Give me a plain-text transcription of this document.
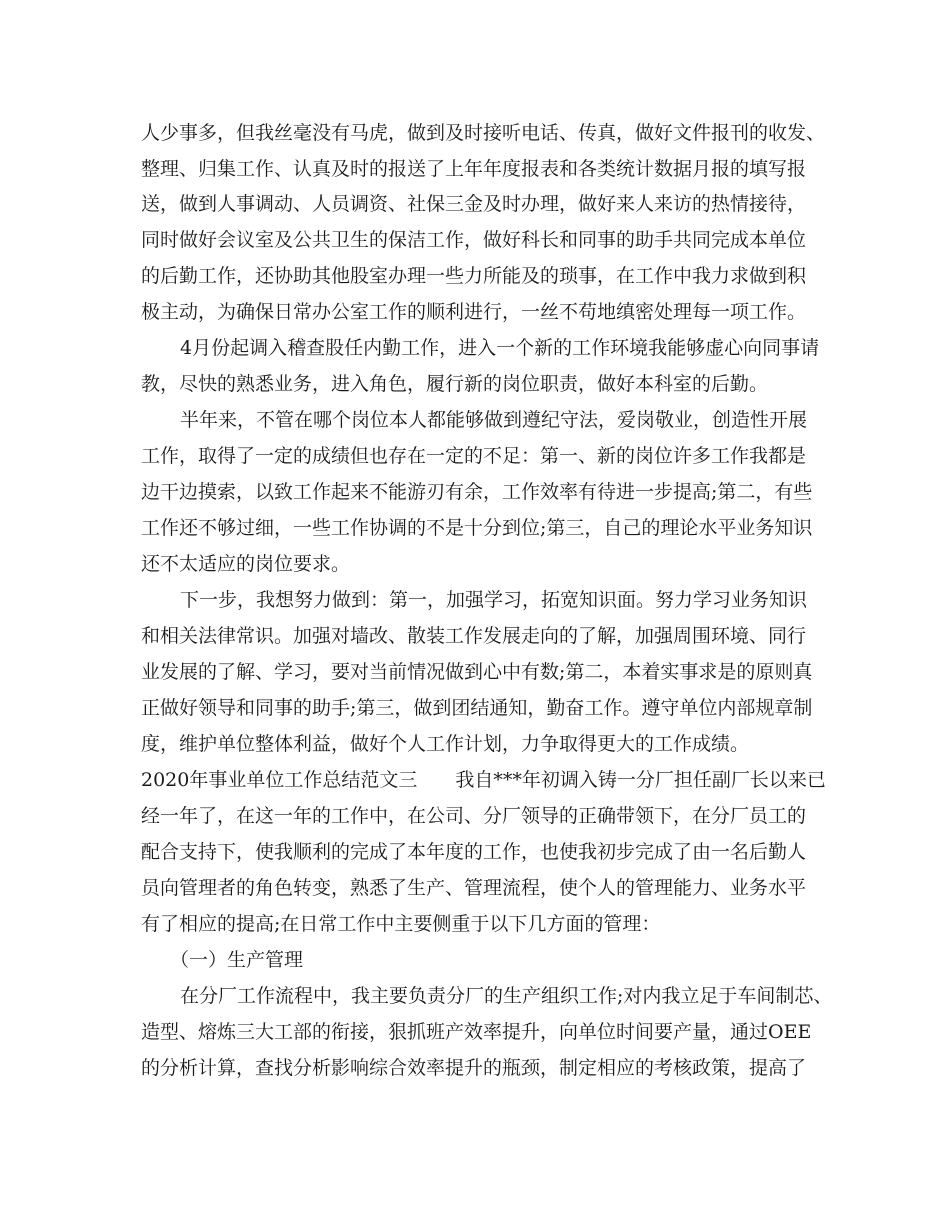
人少事多，但我丝毫没有马虎，做到及时接听电话、传真，做好文件报刊的收发、
整理、归集工作、认真及时的报送了上年年度报表和各类统计数据月报的填写报
送，做到人事调动、人员调资、社保三金及时办理，做好来人来访的热情接待，
同时做好会议室及公共卫生的保洁工作，做好科长和同事的助手共同完成本单位
的后勤工作，还协助其他股室办理一些力所能及的琐事，在工作中我力求做到积
极主动，为确保日常办公室工作的顺利进行，一丝不苟地缜密处理每一项工作。
4月份起调入稽查股任内勤工作，进入一个新的工作环境我能够虚心向同事请
教，尽快的熟悉业务，进入角色，履行新的岗位职责，做好本科室的后勤。
半年来，不管在哪个岗位本人都能够做到遵纪守法，爱岗敬业，创造性开展
工作，取得了一定的成绩但也存在一定的不足：第一、新的岗位许多工作我都是
边干边摸索，以致工作起来不能游刃有余，工作效率有待进一步提高;第二，有些
工作还不够过细，一些工作协调的不是十分到位;第三，自己的理论水平业务知识
还不太适应的岗位要求。
下一步，我想努力做到：第一，加强学习，拓宽知识面。努力学习业务知识
和相关法律常识。加强对墙改、散装工作发展走向的了解，加强周围环境、同行
业发展的了解、学习，要对当前情况做到心中有数;第二，本着实事求是的原则真
正做好领导和同事的助手;第三，做到团结通知，勤奋工作。遵守单位内部规章制
度，维护单位整体利益，做好个人工作计划，力争取得更大的工作成绩。
2020年事业单位工作总结范文三　　我自***年初调入铸一分厂担任副厂长以来已
经一年了，在这一年的工作中，在公司、分厂领导的正确带领下，在分厂员工的
配合支持下，使我顺利的完成了本年度的工作，也使我初步完成了由一名后勤人
员向管理者的角色转变，熟悉了生产、管理流程，使个人的管理能力、业务水平
有了相应的提高;在日常工作中主要侧重于以下几方面的管理：
（一）生产管理
在分厂工作流程中，我主要负责分厂的生产组织工作;对内我立足于车间制芯、
造型、熔炼三大工部的衔接，狠抓班产效率提升，向单位时间要产量，通过OEE
的分析计算，查找分析影响综合效率提升的瓶颈，制定相应的考核政策，提高了
